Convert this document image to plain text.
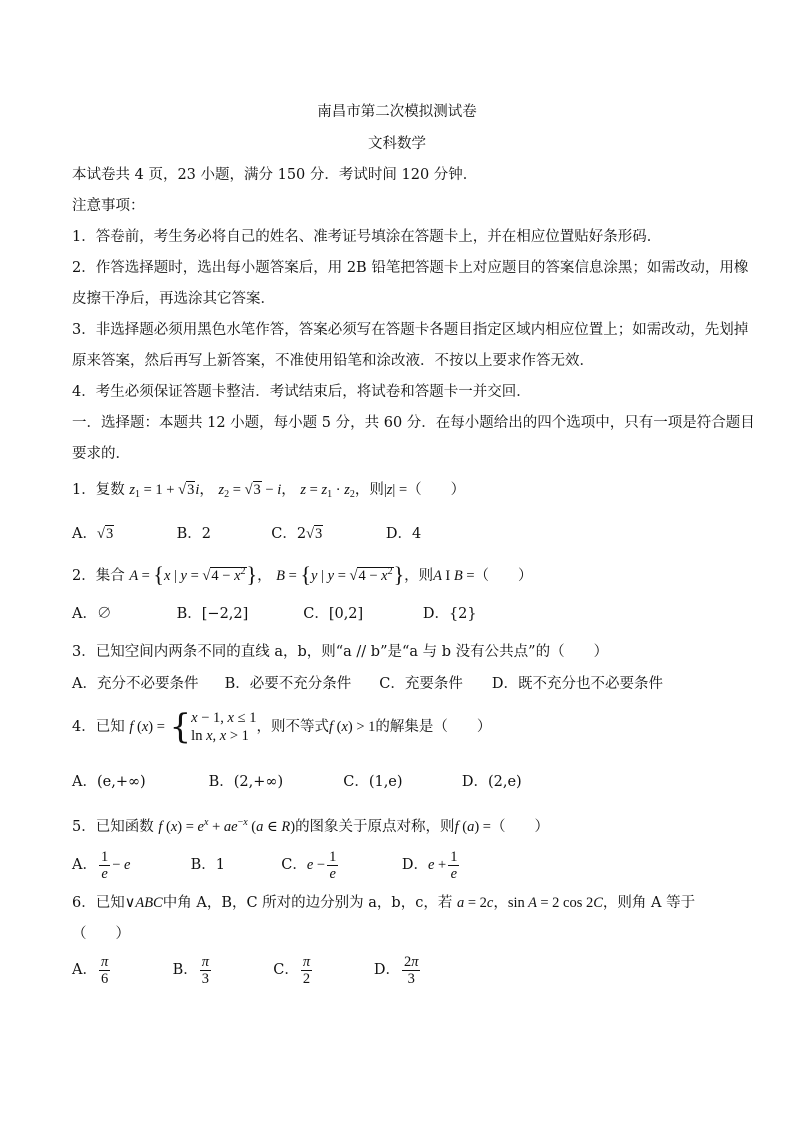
南昌市第二次模拟测试卷
文科数学
本试卷共 4 页，23 小题，满分 150 分．考试时间 120 分钟．
注意事项：
1．答卷前，考生务必将自己的姓名、准考证号填涂在答题卡上，并在相应位置贴好条形码．
2．作答选择题时，选出每小题答案后，用 2B 铅笔把答题卡上对应题目的答案信息涂黑；如需改动，用橡
皮擦干净后，再选涂其它答案．
3．非选择题必须用黑色水笔作答，答案必须写在答题卡各题目指定区域内相应位置上；如需改动，先划掉
原来答案，然后再写上新答案，不准使用铅笔和涂改液．不按以上要求作答无效．
4．考生必须保证答题卡整洁．考试结束后，将试卷和答题卡一并交回．
一．选择题：本题共 12 小题，每小题 5 分，共 60 分．在每小题给出的四个选项中，只有一项是符合题目
要求的．
1．复数 $z_1 = 1 + √3i$， $z_2 = √3 - i$， $z = z_1 \cdot z_2$，则|z| =（　　）
A．√3	B．2	C．2√3	D．4
2．集合 A = {x | $y = √4 - x^2$}， B = {y | $y = √4 - x^2$}，则A I B =（　　）
A．∅	B．[−2,2]	C．[0,2]	D．{2}
3．已知空间内两条不同的直线 a，b，则“a // b”是“a 与 b 没有公共点”的（　　）
A．充分不必要条件 B．必要不充分条件 C．充要条件 D．既不充分也不必要条件
4．已知 f (x) = {x − 1, x ≤ 1
ln x, x > 1，则不等式f (x) > 1的解集是（　　）
A．(e,+∞)	B．(2,+∞)	C．(1,e)	D．(2,e)
5．已知函数 f $(x) = e^x + ae^{-x}$ (a ∈ R)的图象关于原点对称，则f (a) =（　　）
A． $\frac{1}{e} - e$	B．1	C．$e - \frac{1}{e}$	D．$e + \frac{1}{e}$
6．已知∨ABC中角 A，B，C 所对的边分别为 a，b，c，若 a = 2c，sin A = 2 cos 2C，则角 A 等于
（　　）
A． $\frac{\pi}{6}$	B． $\frac{\pi}{3}$	C． $\frac{\pi}{2}$	D． $\frac{2\pi}{3}$
